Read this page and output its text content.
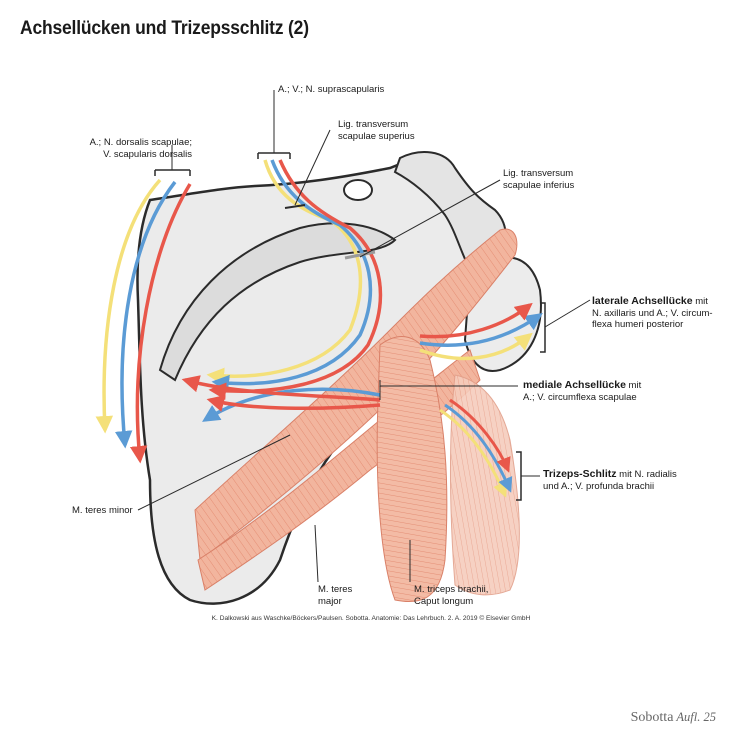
Achsellücken und Trizepsschlitz (2)
A.; V.; N. suprascapularis
Lig. transversum
scapulae superius
A.; N. dorsalis scapulae;
V. scapularis dorsalis
Lig. transversum
scapulae inferius
laterale Achsellücke mit
N. axillaris und A.; V. circum-
flexa humeri posterior
mediale Achsellücke mit
A.; V. circumflexa scapulae
Trizeps-Schlitz mit N. radialis
und A.; V. profunda brachii
M. teres minor
M. teres
major
M. triceps brachii,
Caput longum
K. Dalkowski aus Waschke/Böckers/Paulsen. Sobotta. Anatomie: Das Lehrbuch. 2. A. 2019 © Elsevier GmbH
Sobotta Aufl. 25
